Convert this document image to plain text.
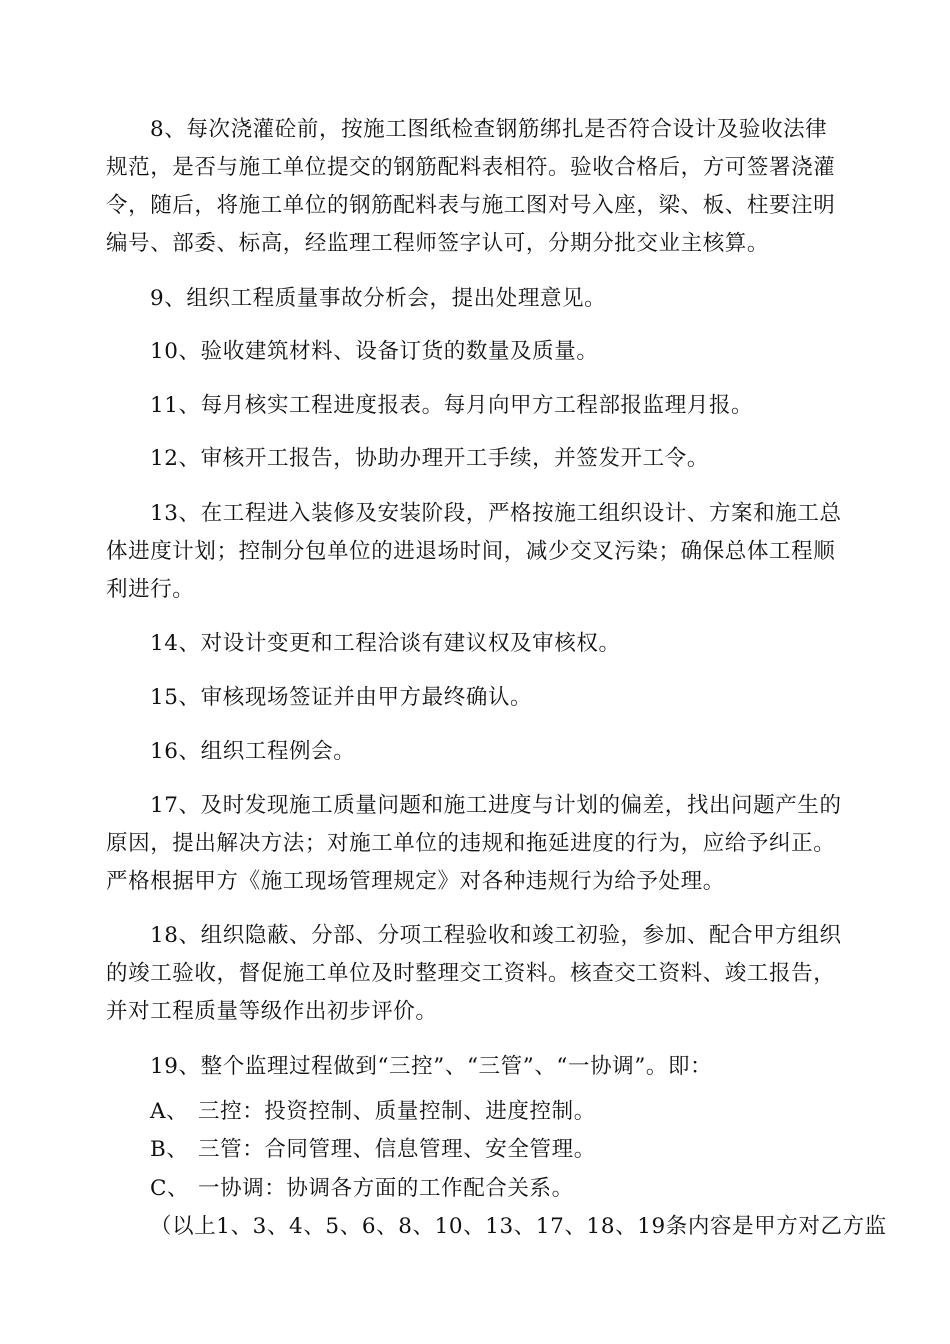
8、每次浇灌砼前，按施工图纸检查钢筋绑扎是否符合设计及验收法律
规范，是否与施工单位提交的钢筋配料表相符。验收合格后，方可签署浇灌
令，随后，将施工单位的钢筋配料表与施工图对号入座，梁、板、柱要注明
编号、部委、标高，经监理工程师签字认可，分期分批交业主核算。
9、组织工程质量事故分析会，提出处理意见。
10、验收建筑材料、设备订货的数量及质量。
11、每月核实工程进度报表。每月向甲方工程部报监理月报。
12、审核开工报告，协助办理开工手续，并签发开工令。
13、在工程进入装修及安装阶段，严格按施工组织设计、方案和施工总
体进度计划；控制分包单位的进退场时间，减少交叉污染；确保总体工程顺
利进行。
14、对设计变更和工程洽谈有建议权及审核权。
15、审核现场签证并由甲方最终确认。
16、组织工程例会。
17、及时发现施工质量问题和施工进度与计划的偏差，找出问题产生的
原因，提出解决方法；对施工单位的违规和拖延进度的行为，应给予纠正。
严格根据甲方《施工现场管理规定》对各种违规行为给予处理。
18、组织隐蔽、分部、分项工程验收和竣工初验，参加、配合甲方组织
的竣工验收，督促施工单位及时整理交工资料。核查交工资料、竣工报告，
并对工程质量等级作出初步评价。
19、整个监理过程做到“三控”、“三管”、“一协调”。即：
A、 三控：投资控制、质量控制、进度控制。
B、 三管：合同管理、信息管理、安全管理。
C、 一协调：协调各方面的工作配合关系。
（以上1、3、4、5、6、8、10、13、17、18、19条内容是甲方对乙方监
